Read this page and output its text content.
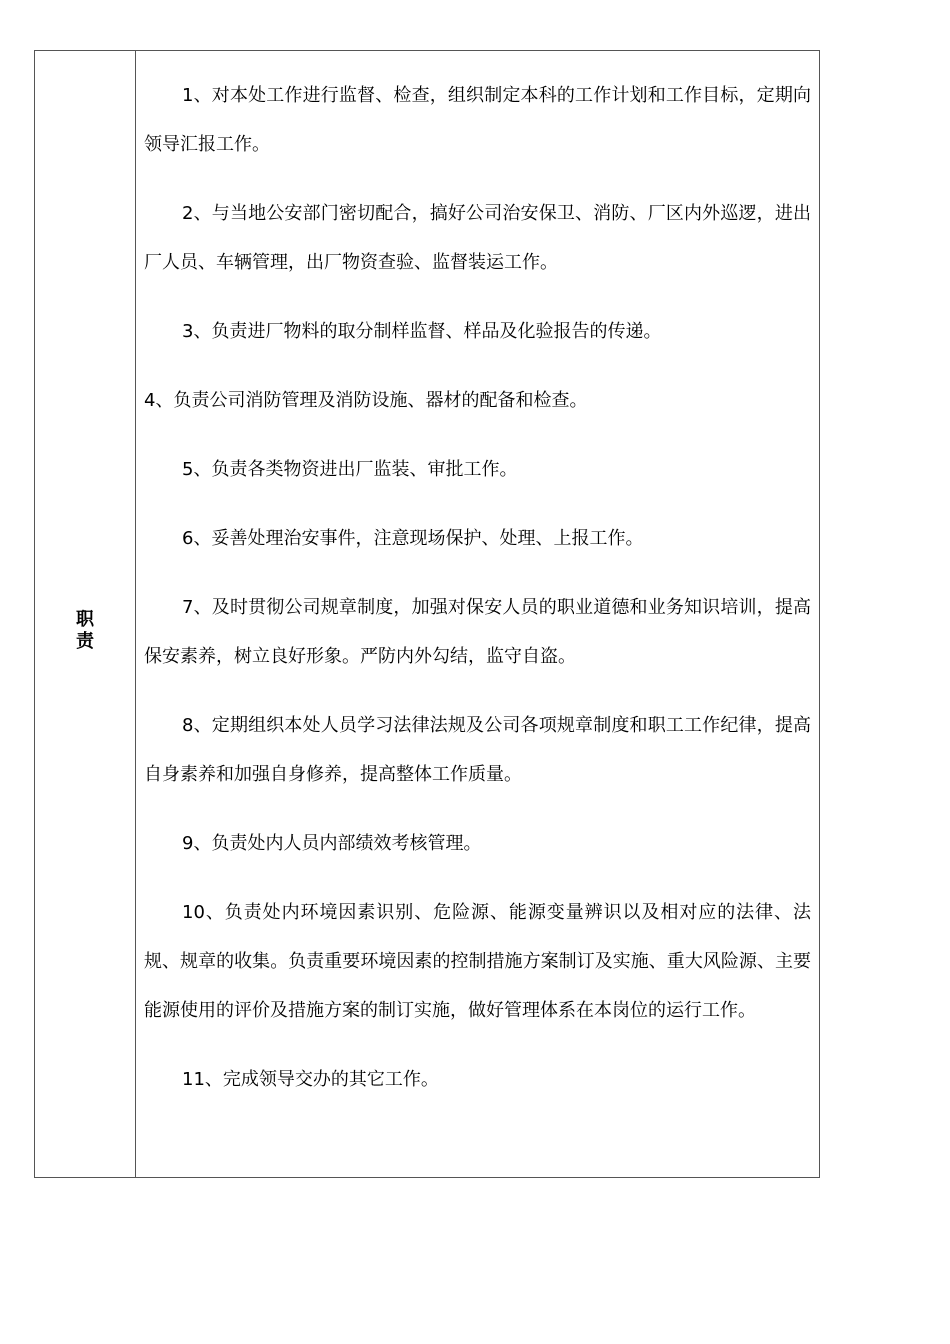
职
责

1、对本处工作进行监督、检查，组织制定本科的工作计划和工作目标，定期向领导汇报工作。

2、与当地公安部门密切配合，搞好公司治安保卫、消防、厂区内外巡逻，进出厂人员、车辆管理，出厂物资查验、监督装运工作。

3、负责进厂物料的取分制样监督、样品及化验报告的传递。

4、负责公司消防管理及消防设施、器材的配备和检查。

5、负责各类物资进出厂监装、审批工作。

6、妥善处理治安事件，注意现场保护、处理、上报工作。

7、及时贯彻公司规章制度，加强对保安人员的职业道德和业务知识培训，提高保安素养，树立良好形象。严防内外勾结，监守自盗。

8、定期组织本处人员学习法律法规及公司各项规章制度和职工工作纪律，提高自身素养和加强自身修养，提高整体工作质量。

9、负责处内人员内部绩效考核管理。

10、负责处内环境因素识别、危险源、能源变量辨识以及相对应的法律、法规、规章的收集。负责重要环境因素的控制措施方案制订及实施、重大风险源、主要能源使用的评价及措施方案的制订实施，做好管理体系在本岗位的运行工作。

11、完成领导交办的其它工作。
